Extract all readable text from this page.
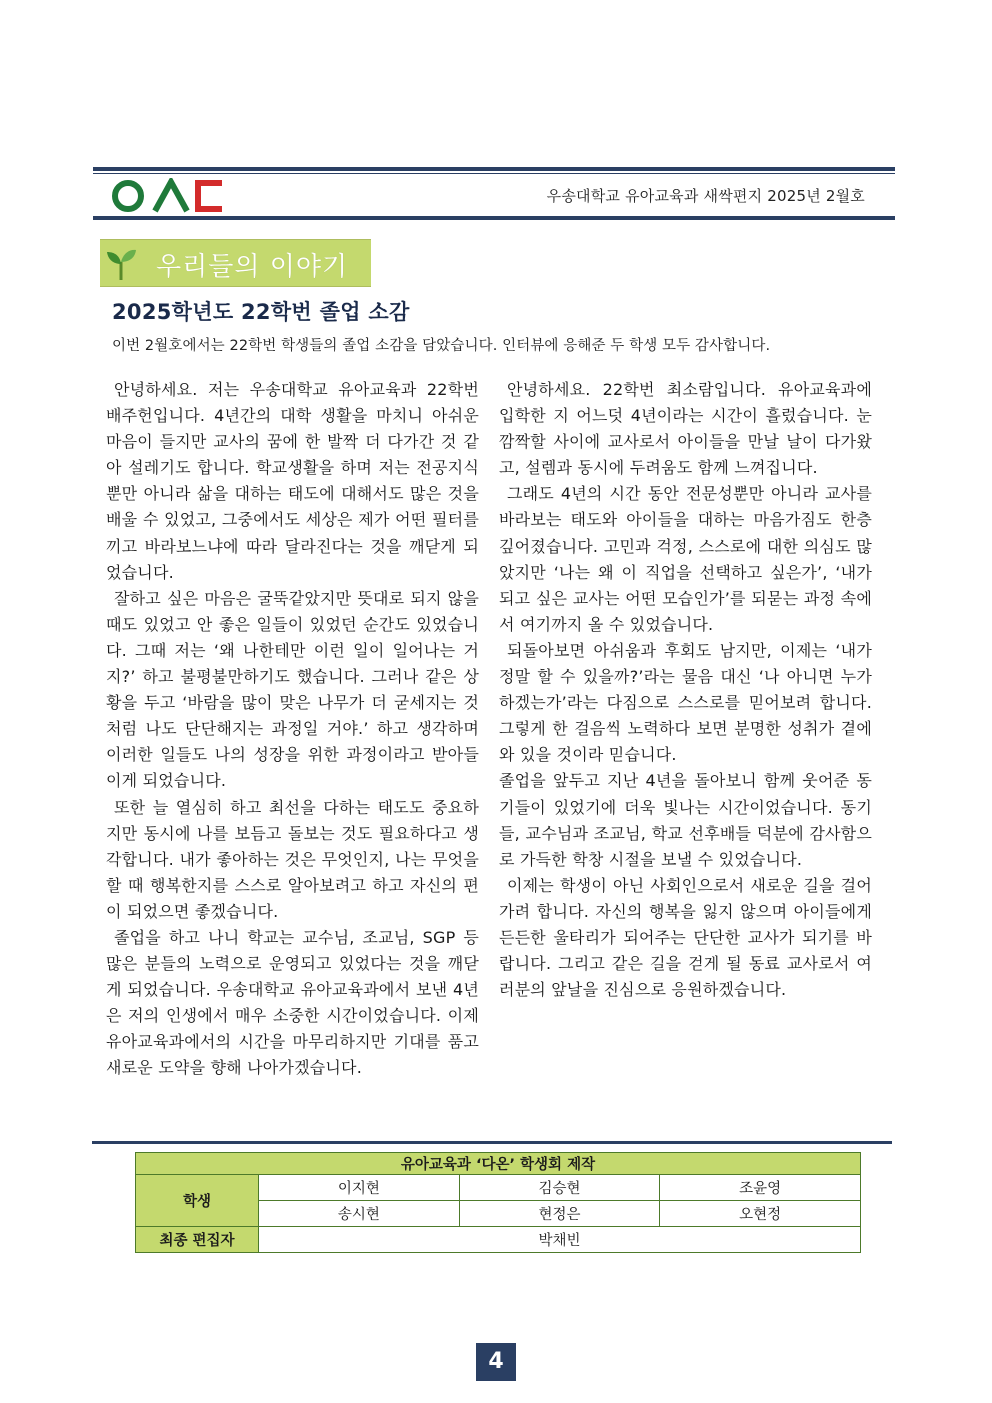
우송대학교 유아교육과 새싹편지 2025년 2월호
우리들의 이야기
2025학년도 22학번 졸업 소감
이번 2월호에서는 22학번 학생들의 졸업 소감을 담았습니다. 인터뷰에 응해준 두 학생 모두 감사합니다.

안녕하세요. 저는 우송대학교 유아교육과 22학번 배주헌입니다. 4년간의 대학 생활을 마치니 아쉬운 마음이 들지만 교사의 꿈에 한 발짝 더 다가간 것 같아 설레기도 합니다. 학교생활을 하며 저는 전공지식뿐만 아니라 삶을 대하는 태도에 대해서도 많은 것을 배울 수 있었고, 그중에서도 세상은 제가 어떤 필터를 끼고 바라보느냐에 따라 달라진다는 것을 깨닫게 되었습니다.

잘하고 싶은 마음은 굴뚝같았지만 뜻대로 되지 않을 때도 있었고 안 좋은 일들이 있었던 순간도 있었습니다. 그때 저는 ‘왜 나한테만 이런 일이 일어나는 거지?’ 하고 불평불만하기도 했습니다. 그러나 같은 상황을 두고 ‘바람을 많이 맞은 나무가 더 굳세지는 것처럼 나도 단단해지는 과정일 거야.’ 하고 생각하며 이러한 일들도 나의 성장을 위한 과정이라고 받아들이게 되었습니다.

또한 늘 열심히 하고 최선을 다하는 태도도 중요하지만 동시에 나를 보듬고 돌보는 것도 필요하다고 생각합니다. 내가 좋아하는 것은 무엇인지, 나는 무엇을 할 때 행복한지를 스스로 알아보려고 하고 자신의 편이 되었으면 좋겠습니다.

졸업을 하고 나니 학교는 교수님, 조교님, SGP 등 많은 분들의 노력으로 운영되고 있었다는 것을 깨닫게 되었습니다. 우송대학교 유아교육과에서 보낸 4년은 저의 인생에서 매우 소중한 시간이었습니다. 이제 유아교육과에서의 시간을 마무리하지만 기대를 품고 새로운 도약을 향해 나아가겠습니다.

안녕하세요. 22학번 최소람입니다. 유아교육과에 입학한 지 어느덧 4년이라는 시간이 흘렀습니다. 눈 깜짝할 사이에 교사로서 아이들을 만날 날이 다가왔고, 설렘과 동시에 두려움도 함께 느껴집니다.

그래도 4년의 시간 동안 전문성뿐만 아니라 교사를 바라보는 태도와 아이들을 대하는 마음가짐도 한층 깊어졌습니다. 고민과 걱정, 스스로에 대한 의심도 많았지만 ‘나는 왜 이 직업을 선택하고 싶은가’, ‘내가 되고 싶은 교사는 어떤 모습인가’를 되묻는 과정 속에서 여기까지 올 수 있었습니다.

되돌아보면 아쉬움과 후회도 남지만, 이제는 ‘내가 정말 할 수 있을까?’라는 물음 대신 ‘나 아니면 누가 하겠는가’라는 다짐으로 스스로를 믿어보려 합니다. 그렇게 한 걸음씩 노력하다 보면 분명한 성취가 곁에 와 있을 것이라 믿습니다.

졸업을 앞두고 지난 4년을 돌아보니 함께 웃어준 동기들이 있었기에 더욱 빛나는 시간이었습니다. 동기들, 교수님과 조교님, 학교 선후배들 덕분에 감사함으로 가득한 학창 시절을 보낼 수 있었습니다.

이제는 학생이 아닌 사회인으로서 새로운 길을 걸어가려 합니다. 자신의 행복을 잃지 않으며 아이들에게 든든한 울타리가 되어주는 단단한 교사가 되기를 바랍니다. 그리고 같은 길을 걷게 될 동료 교사로서 여러분의 앞날을 진심으로 응원하겠습니다.

유아교육과 ‘다온’ 학생회 제작			
학생	이지현	김승현	조윤영
	송시현	현정은	오현정
최종 편집자	박채빈		
4
